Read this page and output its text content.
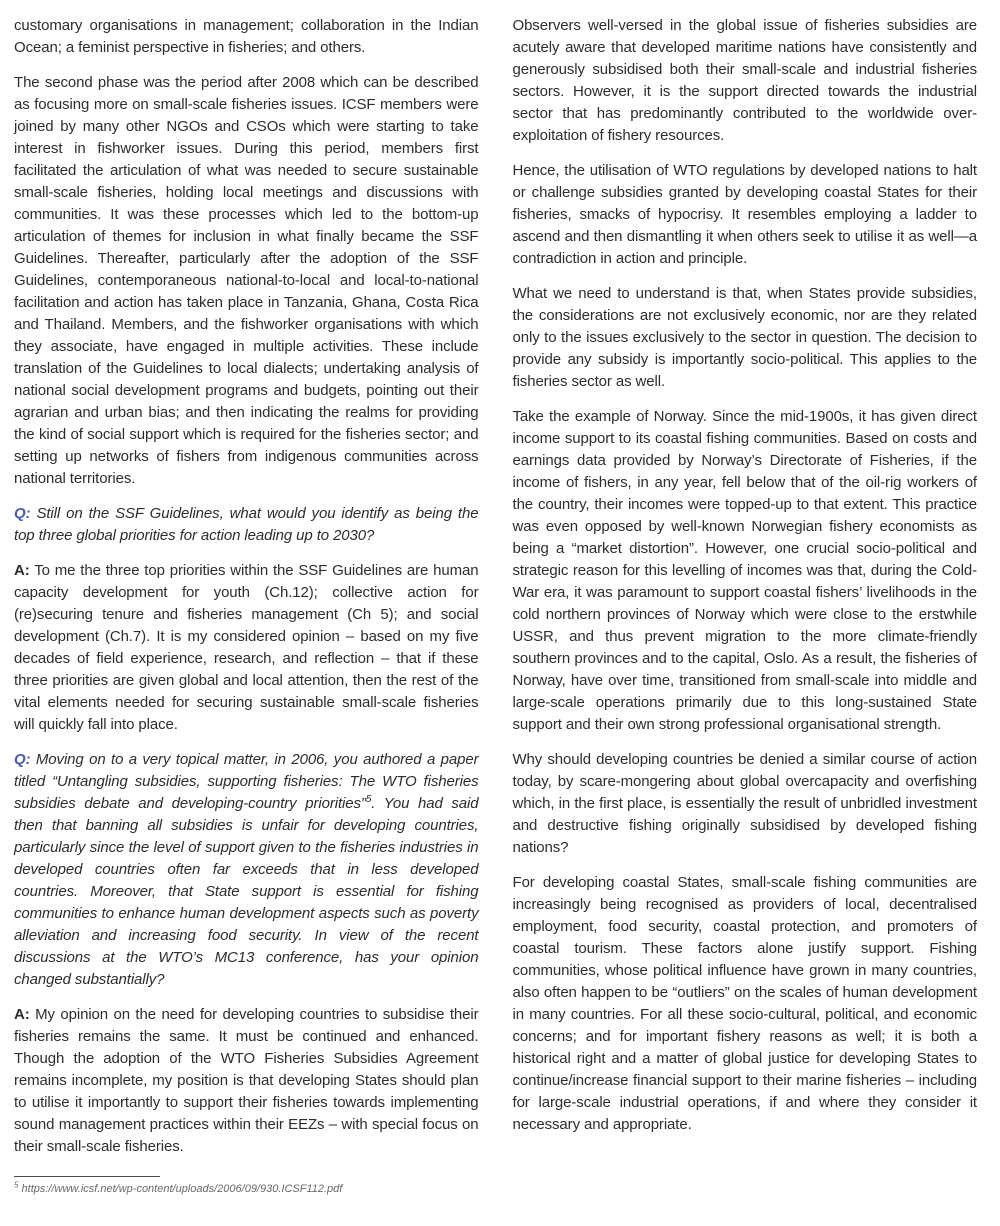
customary organisations in management; collaboration in the Indian Ocean; a feminist perspective in fisheries; and others.

The second phase was the period after 2008 which can be described as focusing more on small-scale fisheries issues. ICSF members were joined by many other NGOs and CSOs which were starting to take interest in fishworker issues. During this period, members first facilitated the articulation of what was needed to secure sustainable small-scale fisheries, holding local meetings and discussions with communities. It was these processes which led to the bottom-up articulation of themes for inclusion in what finally became the SSF Guidelines. Thereafter, particularly after the adoption of the SSF Guidelines, contemporaneous national-to-local and local-to-national facilitation and action has taken place in Tanzania, Ghana, Costa Rica and Thailand. Members, and the fishworker organisations with which they associate, have engaged in multiple activities. These include translation of the Guidelines to local dialects; undertaking analysis of national social development programs and budgets, pointing out their agrarian and urban bias; and then indicating the realms for providing the kind of social support which is required for the fisheries sector; and setting up networks of fishers from indigenous communities across national territories.

Q: Still on the SSF Guidelines, what would you identify as being the top three global priorities for action leading up to 2030?

A: To me the three top priorities within the SSF Guidelines are human capacity development for youth (Ch.12); collective action for (re)securing tenure and fisheries management (Ch 5); and social development (Ch.7). It is my considered opinion – based on my five decades of field experience, research, and reflection – that if these three priorities are given global and local attention, then the rest of the vital elements needed for securing sustainable small-scale fisheries will quickly fall into place.

Q: Moving on to a very topical matter, in 2006, you authored a paper titled “Untangling subsidies, supporting fisheries: The WTO fisheries subsidies debate and developing-country priorities”$^5$. You had said then that banning all subsidies is unfair for developing countries, particularly since the level of support given to the fisheries industries in developed countries often far exceeds that in less developed countries. Moreover, that State support is essential for fishing communities to enhance human development aspects such as poverty alleviation and increasing food security. In view of the recent discussions at the WTO’s MC13 conference, has your opinion changed substantially?

A: My opinion on the need for developing countries to subsidise their fisheries remains the same. It must be continued and enhanced. Though the adoption of the WTO Fisheries Subsidies Agreement remains incomplete, my position is that developing States should plan to utilise it importantly to support their fisheries towards implementing sound management practices within their EEZs – with special focus on their small-scale fisheries.

$^5$ https://www.icsf.net/wp-content/uploads/2006/09/930.ICSF112.pdf

Observers well-versed in the global issue of fisheries subsidies are acutely aware that developed maritime nations have consistently and generously subsidised both their small-scale and industrial fisheries sectors. However, it is the support directed towards the industrial sector that has predominantly contributed to the worldwide over-exploitation of fishery resources.

Hence, the utilisation of WTO regulations by developed nations to halt or challenge subsidies granted by developing coastal States for their fisheries, smacks of hypocrisy. It resembles employing a ladder to ascend and then dismantling it when others seek to utilise it as well—a contradiction in action and principle.

What we need to understand is that, when States provide subsidies, the considerations are not exclusively economic, nor are they related only to the issues exclusively to the sector in question. The decision to provide any subsidy is importantly socio-political. This applies to the fisheries sector as well.

Take the example of Norway. Since the mid-1900s, it has given direct income support to its coastal fishing communities. Based on costs and earnings data provided by Norway’s Directorate of Fisheries, if the income of fishers, in any year, fell below that of the oil-rig workers of the country, their incomes were topped-up to that extent. This practice was even opposed by well-known Norwegian fishery economists as being a “market distortion”. However, one crucial socio-political and strategic reason for this levelling of incomes was that, during the Cold-War era, it was paramount to support coastal fishers’ livelihoods in the cold northern provinces of Norway which were close to the erstwhile USSR, and thus prevent migration to the more climate-friendly southern provinces and to the capital, Oslo. As a result, the fisheries of Norway, have over time, transitioned from small-scale into middle and large-scale operations primarily due to this long-sustained State support and their own strong professional organisational strength.

Why should developing countries be denied a similar course of action today, by scare-mongering about global overcapacity and overfishing which, in the first place, is essentially the result of unbridled investment and destructive fishing originally subsidised by developed fishing nations?

For developing coastal States, small-scale fishing communities are increasingly being recognised as providers of local, decentralised employment, food security, coastal protection, and promoters of coastal tourism. These factors alone justify support. Fishing communities, whose political influence have grown in many countries, also often happen to be “outliers” on the scales of human development in many countries. For all these socio-cultural, political, and economic concerns; and for important fishery reasons as well; it is both a historical right and a matter of global justice for developing States to continue/increase financial support to their marine fisheries – including for large-scale industrial operations, if and where they consider it necessary and appropriate.
